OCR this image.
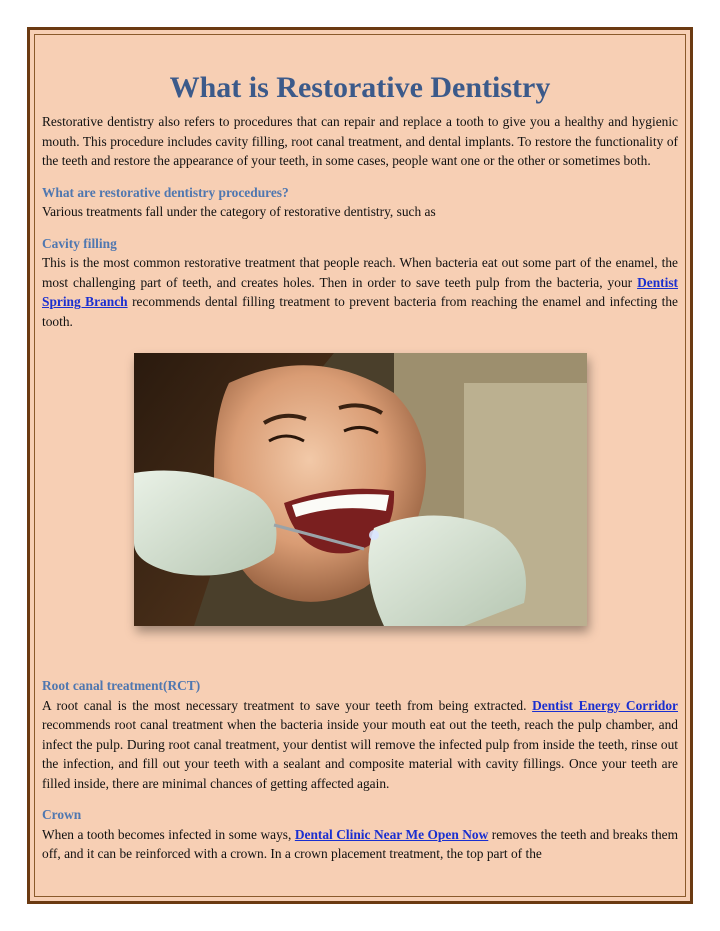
What is Restorative Dentistry

Restorative dentistry also refers to procedures that can repair and replace a tooth to give you a healthy and hygienic mouth. This procedure includes cavity filling, root canal treatment, and dental implants. To restore the functionality of the teeth and restore the appearance of your teeth, in some cases, people want one or the other or sometimes both.

What are restorative dentistry procedures?

Various treatments fall under the category of restorative dentistry, such as

Cavity filling

This is the most common restorative treatment that people reach. When bacteria eat out some part of the enamel, the most challenging part of teeth, and creates holes. Then in order to save teeth pulp from the bacteria, your Dentist Spring Branch recommends dental filling treatment to prevent bacteria from reaching the enamel and infecting the tooth.

Root canal treatment(RCT)

A root canal is the most necessary treatment to save your teeth from being extracted. Dentist Energy Corridor recommends root canal treatment when the bacteria inside your mouth eat out the teeth, reach the pulp chamber, and infect the pulp. During root canal treatment, your dentist will remove the infected pulp from inside the teeth, rinse out the infection, and fill out your teeth with a sealant and composite material with cavity fillings. Once your teeth are filled inside, there are minimal chances of getting affected again.

Crown

When a tooth becomes infected in some ways, Dental Clinic Near Me Open Now removes the teeth and breaks them off, and it can be reinforced with a crown. In a crown placement treatment, the top part of the
